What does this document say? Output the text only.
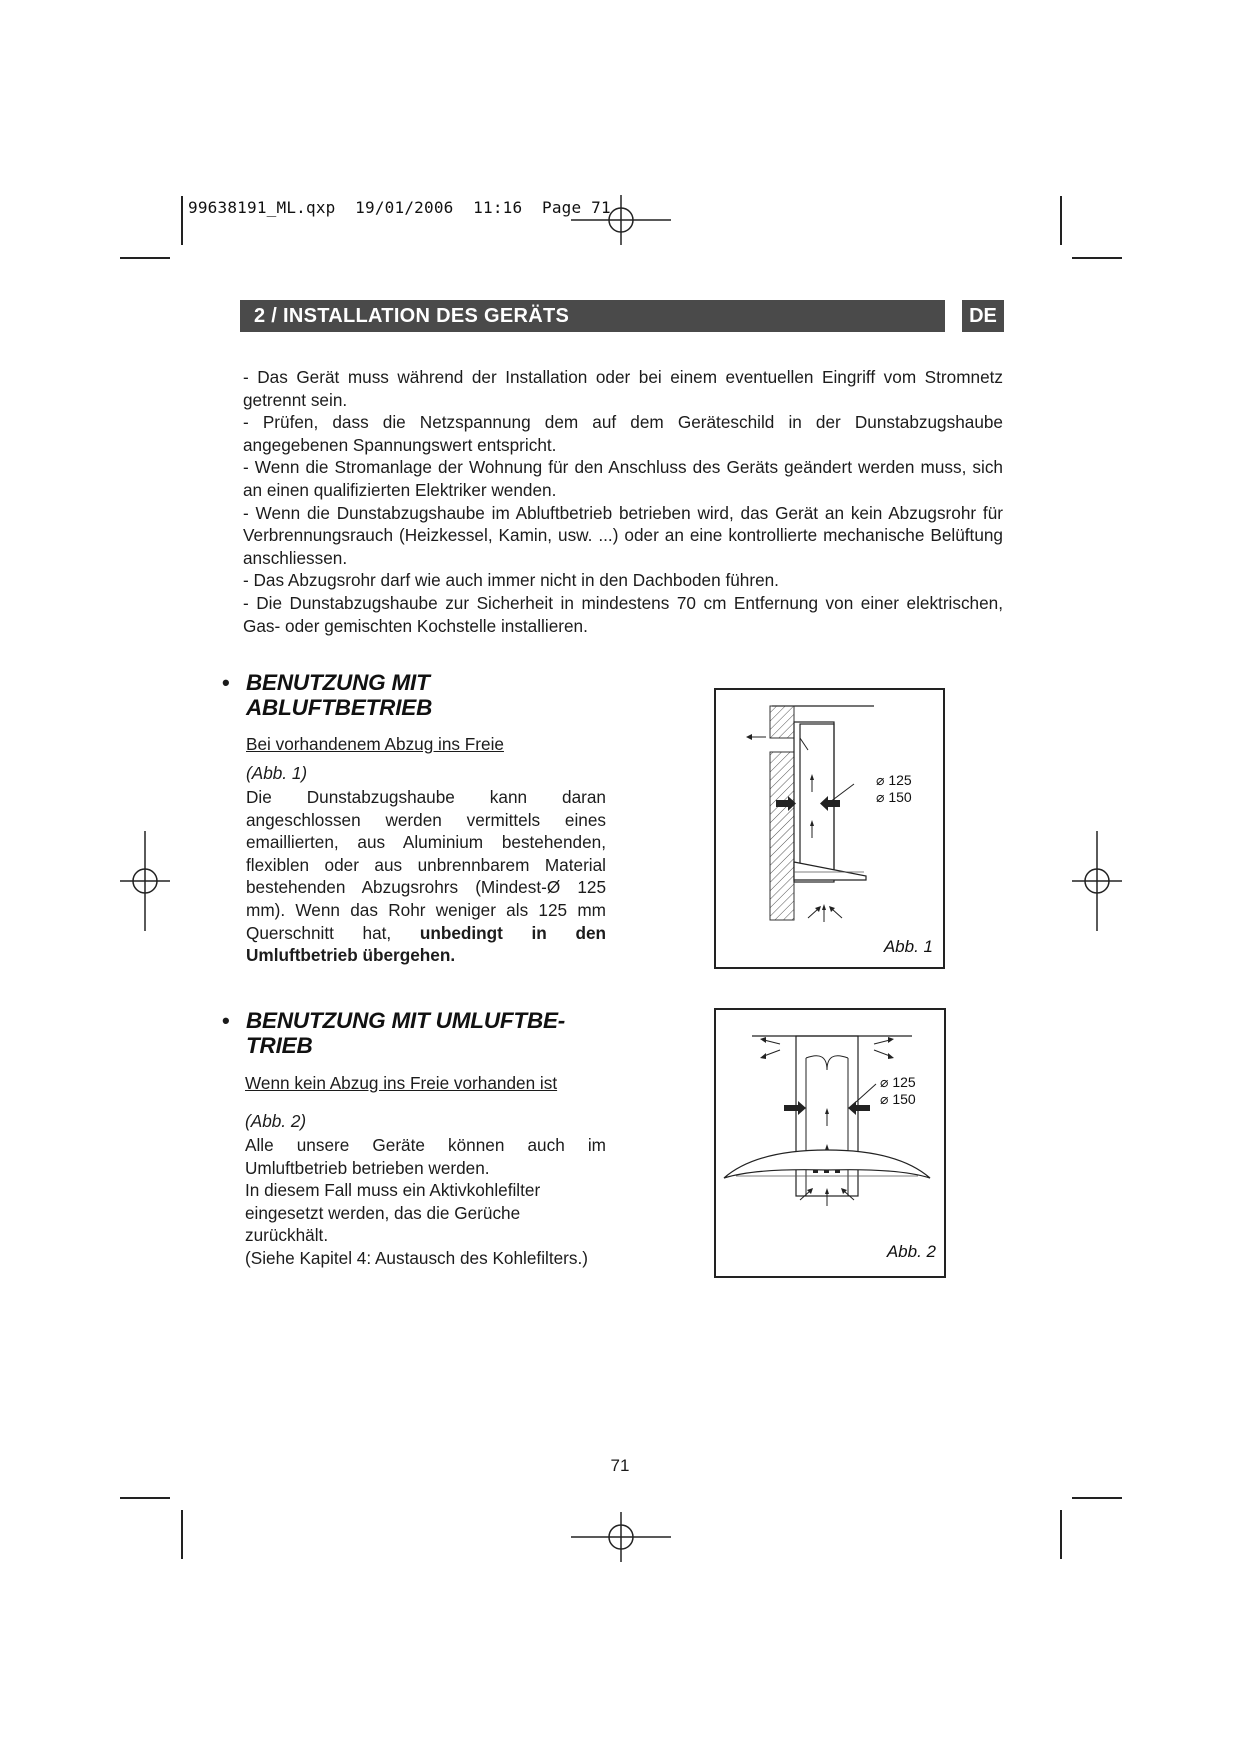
99638191_ML.qxp  19/01/2006  11:16  Page 71
2 / INSTALLATION DES GERÄTS	DE

- Das Gerät muss während der Installation oder bei einem eventuellen Eingriff vom Stromnetz getrennt sein.

- Prüfen, dass die Netzspannung dem auf dem Geräteschild in der Dunstabzugshaube angegebenen Spannungswert entspricht.

- Wenn die Stromanlage der Wohnung für den Anschluss des Geräts geändert werden muss, sich an einen qualifizierten Elektriker wenden.

- Wenn die Dunstabzugshaube im Abluftbetrieb betrieben wird, das Gerät an kein Abzugsrohr für Verbrennungsrauch (Heizkessel, Kamin, usw. ...) oder an eine kontrollierte mechanische Belüftung anschliessen.

- Das Abzugsrohr darf wie auch immer nicht in den Dachboden führen.

- Die Dunstabzugshaube zur Sicherheit in mindestens 70 cm Entfernung von einer elektrischen, Gas- oder gemischten Kochstelle installieren.

• BENUTZUNG MIT
ABLUFTBETRIEB
Bei vorhandenem Abzug ins Freie
(Abb. 1)

Die Dunstabzugshaube kann daran angeschlossen werden vermittels eines emaillierten, aus Aluminium bestehenden, flexiblen oder aus unbrennbarem Material bestehenden Abzugsrohrs (Mindest-Ø 125 mm). Wenn das Rohr weniger als 125 mm Querschnitt hat, unbedingt in den Umluftbetrieb übergehen.

⌀ 125
⌀ 150
Abb. 1
• BENUTZUNG MIT UMLUFTBE-
TRIEB
Wenn kein Abzug ins Freie vorhanden ist
(Abb. 2)

Alle unsere Geräte können auch im Umluftbetrieb betrieben werden.

In diesem Fall muss ein Aktivkohlefilter eingesetzt werden, das die Gerüche zurückhält.

(Siehe Kapitel 4: Austausch des Kohlefilters.)

⌀ 125
⌀ 150
Abb. 2
71
